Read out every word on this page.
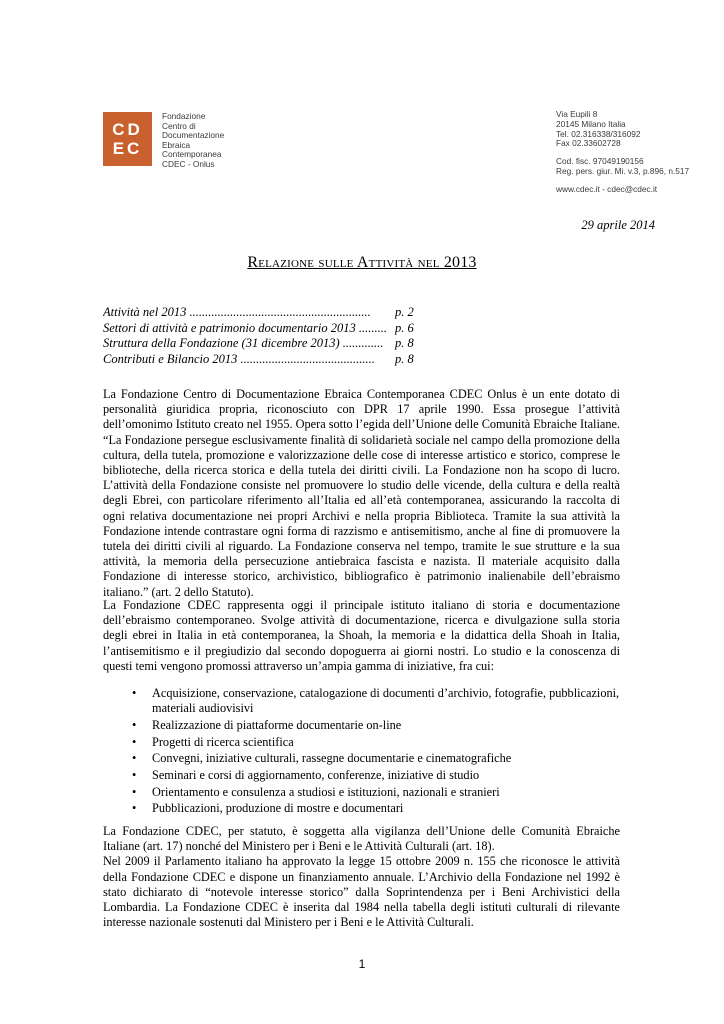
CD
EC
Fondazione
Centro di
Documentazione
Ebraica
Contemporanea
CDEC - Onlus
Via Eupili 8
20145 Milano Italia
Tel. 02.316338/316092
Fax 02.33602728
Cod. fisc. 97049190156
Reg. pers. giur. Mi. v.3, p.896, n.517
www.cdec.it - cdec@cdec.it
29 aprile 2014
Relazione sulle Attività nel 2013
Attività nel 2013 ..........................................................	p. 2
Settori di attività e patrimonio documentario 2013 ......... p. 6
Struttura della Fondazione (31 dicembre 2013) ............. p. 8
Contributi e Bilancio 2013 ...........................................	p. 8

La Fondazione Centro di Documentazione Ebraica Contemporanea CDEC Onlus è un ente dotato di personalità giuridica propria, riconosciuto con DPR 17 aprile 1990. Essa prosegue l’attività dell’omonimo Istituto creato nel 1955. Opera sotto l’egida dell’Unione delle Comunità Ebraiche Italiane.

“La Fondazione persegue esclusivamente finalità di solidarietà sociale nel campo della promozione della cultura, della tutela, promozione e valorizzazione delle cose di interesse artistico e storico, comprese le biblioteche, della ricerca storica e della tutela dei diritti civili. La Fondazione non ha scopo di lucro. L’attività della Fondazione consiste nel promuovere lo studio delle vicende, della cultura e della realtà degli Ebrei, con particolare riferimento all’Italia ed all’età contemporanea, assicurando la raccolta di ogni relativa documentazione nei propri Archivi e nella propria Biblioteca. Tramite la sua attività la Fondazione intende contrastare ogni forma di razzismo e antisemitismo, anche al fine di promuovere la tutela dei diritti civili al riguardo. La Fondazione conserva nel tempo, tramite le sue strutture e la sua attività, la memoria della persecuzione antiebraica fascista e nazista. Il materiale acquisito dalla Fondazione di interesse storico, archivistico, bibliografico è patrimonio inalienabile dell’ebraismo italiano.” (art. 2 dello Statuto).

La Fondazione CDEC rappresenta oggi il principale istituto italiano di storia e documentazione dell’ebraismo contemporaneo. Svolge attività di documentazione, ricerca e divulgazione sulla storia degli ebrei in Italia in età contemporanea, la Shoah, la memoria e la didattica della Shoah in Italia, l’antisemitismo e il pregiudizio dal secondo dopoguerra ai giorni nostri. Lo studio e la conoscenza di questi temi vengono promossi attraverso un’ampia gamma di iniziative, fra cui:

• Acquisizione, conservazione, catalogazione di documenti d’archivio, fotografie, pubblicazioni, materiali audiovisivi
• Realizzazione di piattaforme documentarie on-line
• Progetti di ricerca scientifica
• Convegni, iniziative culturali, rassegne documentarie e cinematografiche
• Seminari e corsi di aggiornamento, conferenze, iniziative di studio
• Orientamento e consulenza a studiosi e istituzioni, nazionali e stranieri
• Pubblicazioni, produzione di mostre e documentari

La Fondazione CDEC, per statuto, è soggetta alla vigilanza dell’Unione delle Comunità Ebraiche Italiane (art. 17) nonché del Ministero per i Beni e le Attività Culturali (art. 18).

Nel 2009 il Parlamento italiano ha approvato la legge 15 ottobre 2009 n. 155 che riconosce le attività della Fondazione CDEC e dispone un finanziamento annuale. L’Archivio della Fondazione nel 1992 è stato dichiarato di “notevole interesse storico” dalla Soprintendenza per i Beni Archivistici della Lombardia. La Fondazione CDEC è inserita dal 1984 nella tabella degli istituti culturali di rilevante interesse nazionale sostenuti dal Ministero per i Beni e le Attività Culturali.

1
